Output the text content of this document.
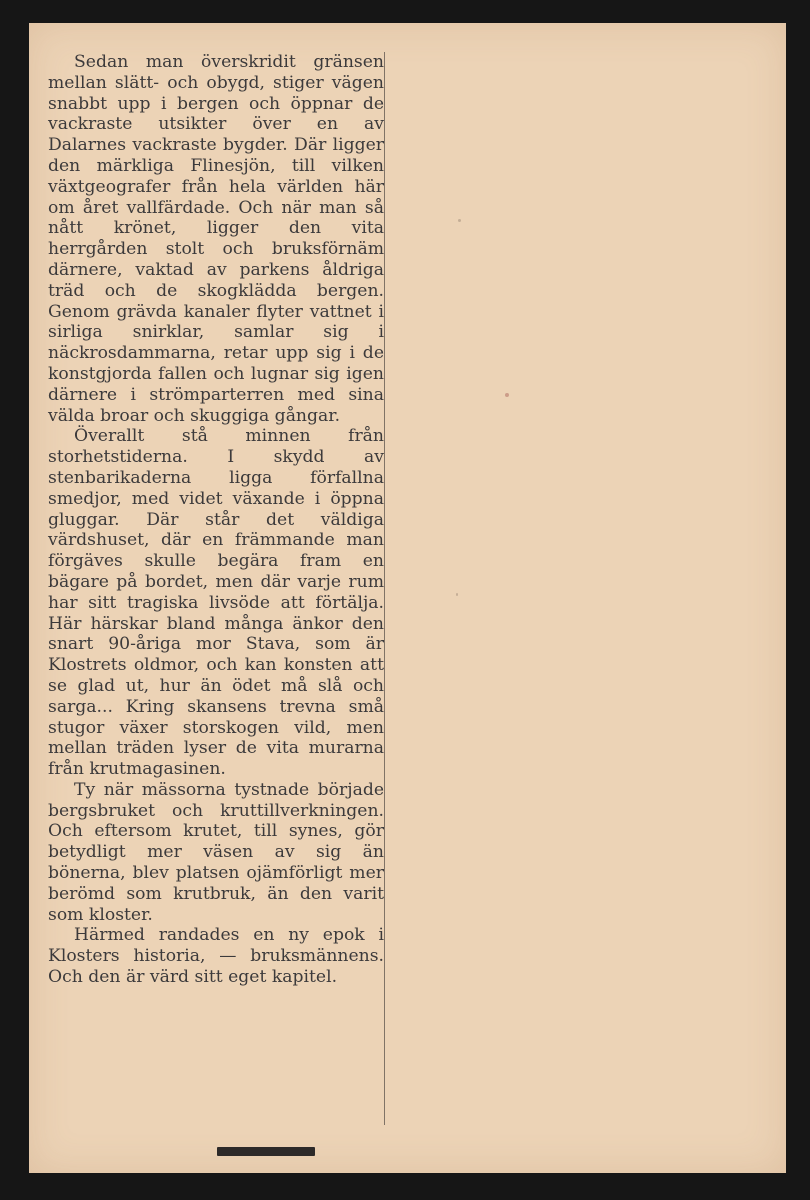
Sedan man överskridit gränsen mellan slätt- och obygd, stiger vägen snabbt upp i bergen och öppnar de vackraste utsikter över en av Dalarnes vackraste bygder. Där ligger den märkliga Flinesjön, till vilken växtgeografer från hela världen här om året vallfärdade. Och när man så nått krönet, ligger den vita herrgården stolt och bruksförnäm därnere, vaktad av parkens åldriga träd och de skogklädda bergen. Genom grävda kanaler flyter vattnet i sirliga snirklar, samlar sig i näckrosdammarna, retar upp sig i de konstgjorda fallen och lugnar sig igen därnere i strömparterren med sina välda broar och skuggiga gångar.

Överallt stå minnen från storhetstiderna. I skydd av stenbarikaderna ligga förfallna smedjor, med videt växande i öppna gluggar. Där står det väldiga värdshuset, där en främmande man förgäves skulle begära fram en bägare på bordet, men där varje rum har sitt tragiska livsöde att förtälja. Här härskar bland många änkor den snart 90-åriga mor Stava, som är Klostrets oldmor, och kan konsten att se glad ut, hur än ödet må slå och sarga... Kring skansens trevna små stugor växer storskogen vild, men mellan träden lyser de vita murarna från krutmagasinen.

Ty när mässorna tystnade började bergsbruket och kruttillverkningen. Och eftersom krutet, till synes, gör betydligt mer väsen av sig än bönerna, blev platsen ojämförligt mer berömd som krutbruk, än den varit som kloster.

Härmed randades en ny epok i Klosters historia, — bruksmännens. Och den är värd sitt eget kapitel.
